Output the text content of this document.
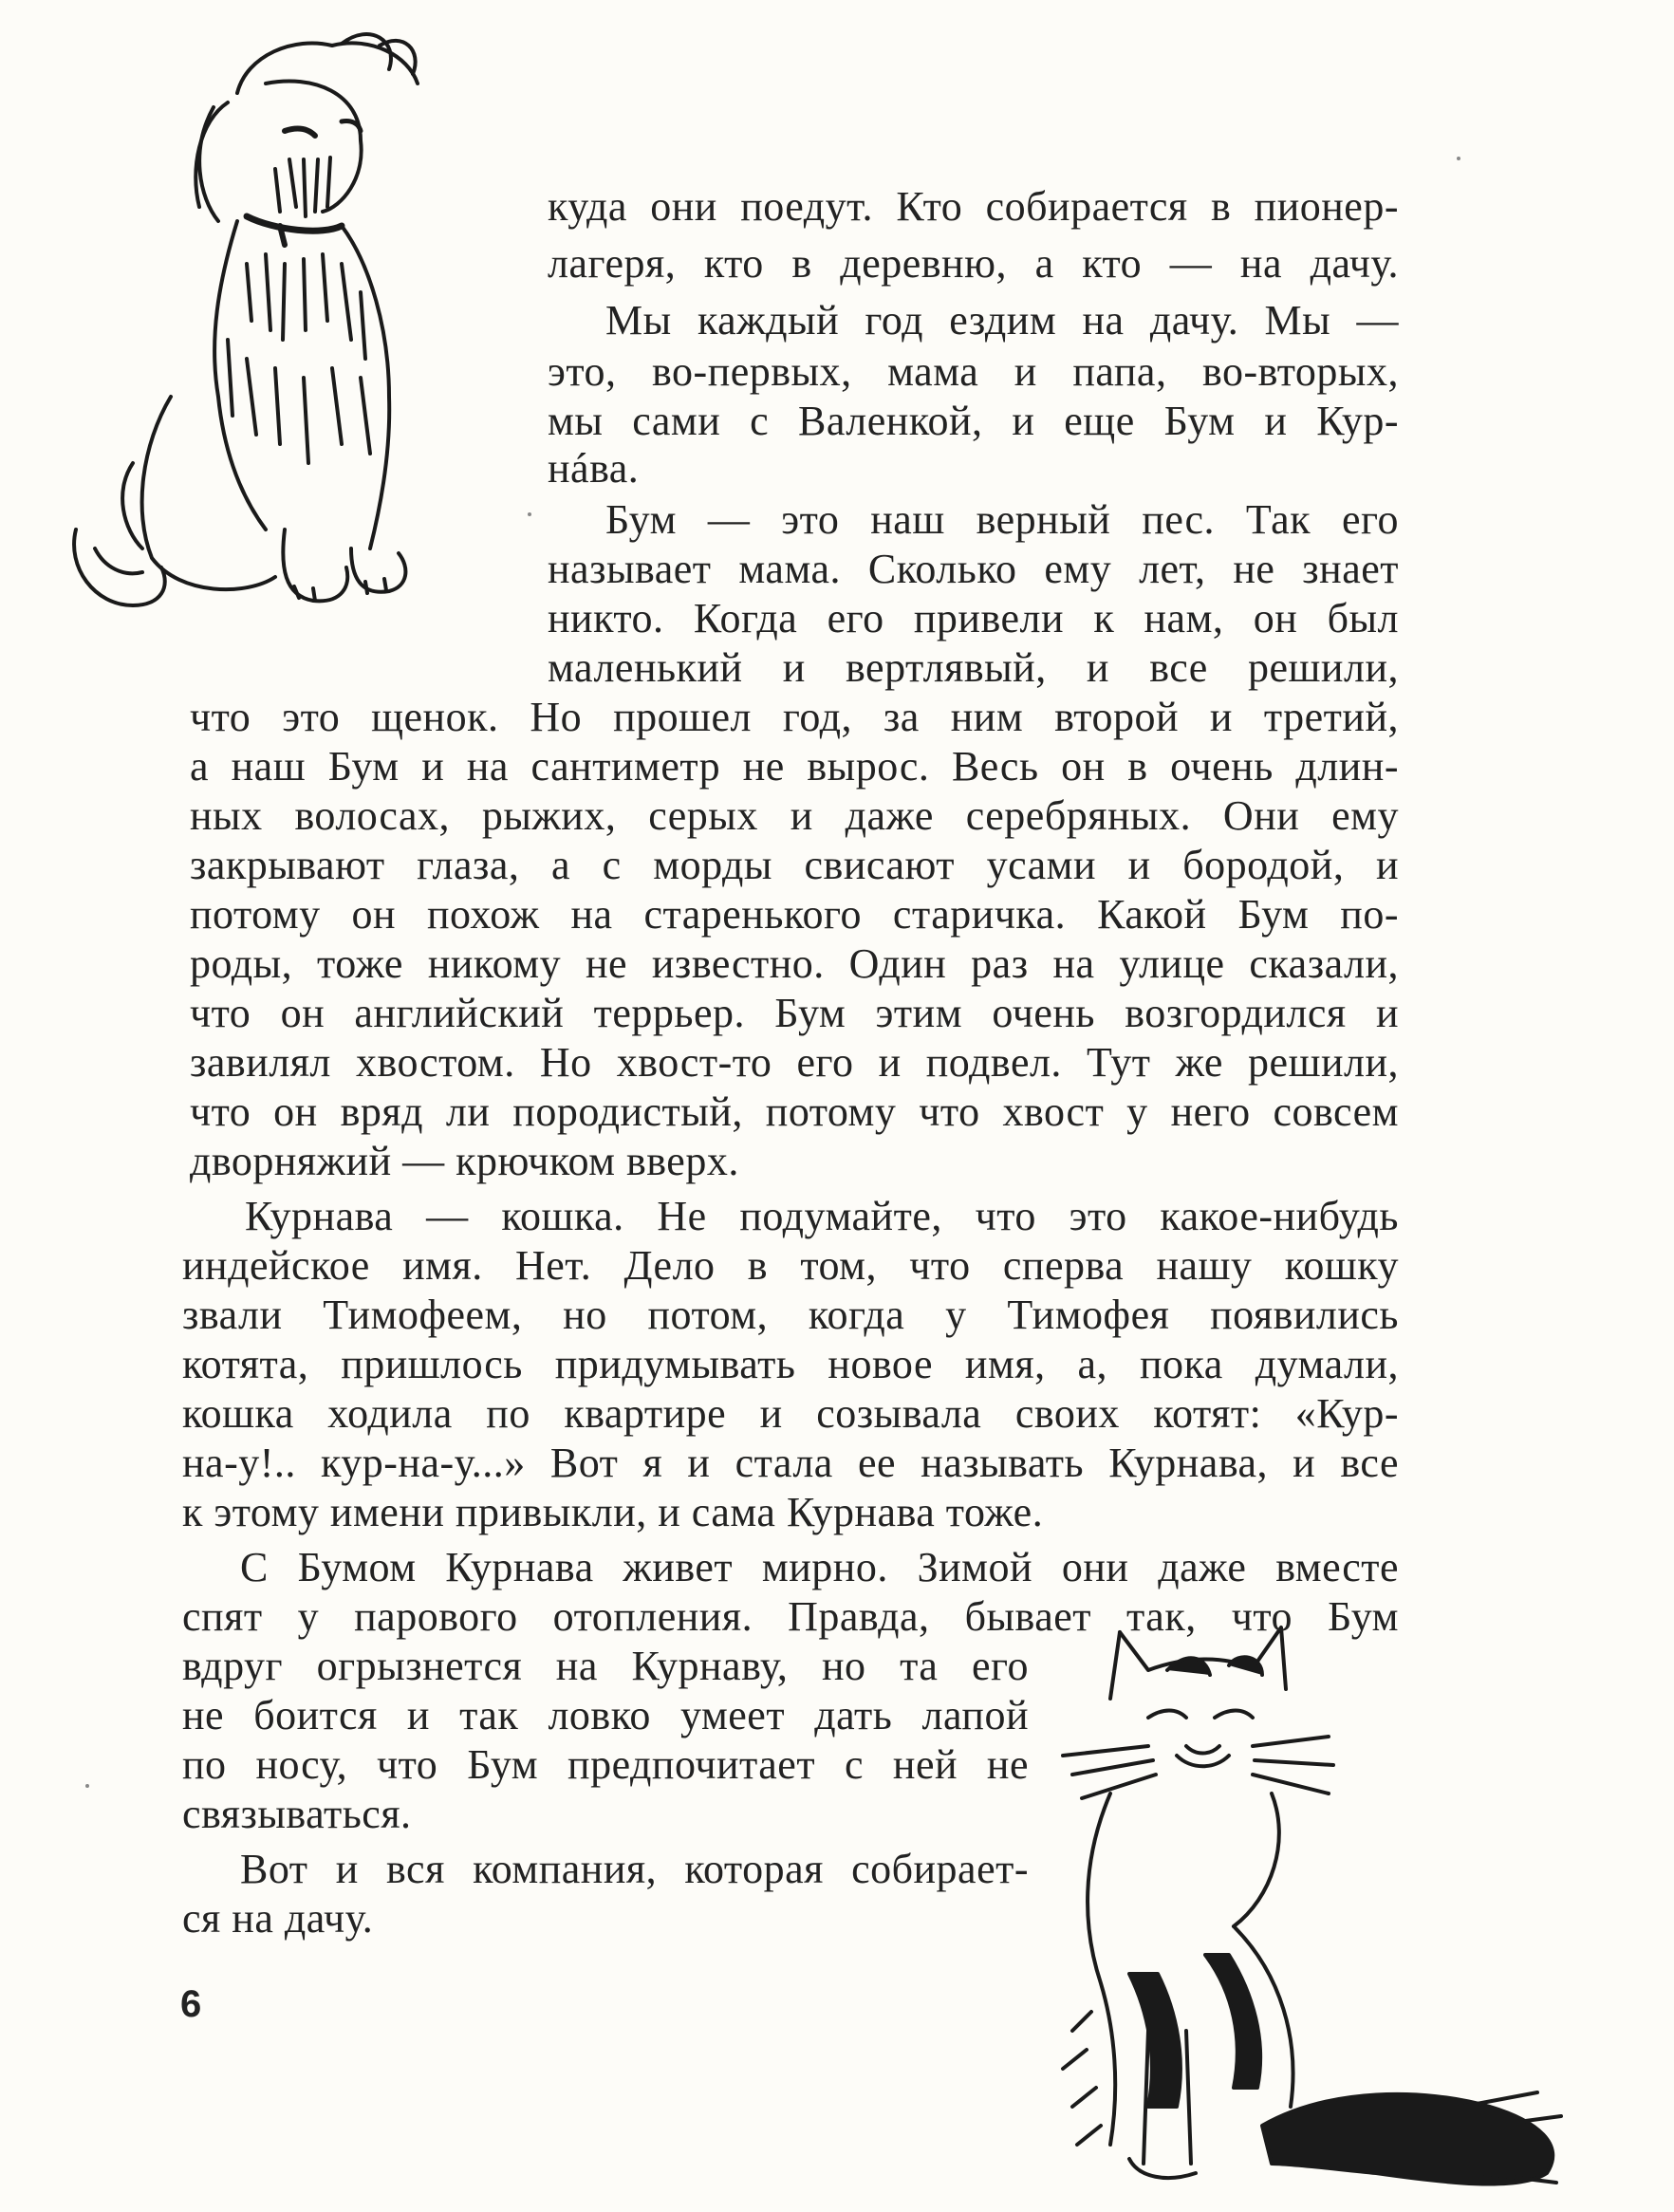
куда они поедут. Кто собирается в пионер-
лагеря, кто в деревню, а кто — на дачу.
Мы каждый год ездим на дачу. Мы —
это, во-первых, мама и папа, во-вторых,
мы сами с Валенкой, и еще Бум и Кур-
нáва.
Бум — это наш верный пес. Так его
называет мама. Сколько ему лет, не знает
никто. Когда его привели к нам, он был
маленький и вертлявый, и все решили,
что это щенок. Но прошел год, за ним второй и третий,
а наш Бум и на сантиметр не вырос. Весь он в очень длин-
ных волосах, рыжих, серых и даже серебряных. Они ему
закрывают глаза, а с морды свисают усами и бородой, и
потому он похож на старенького старичка. Какой Бум по-
роды, тоже никому не известно. Один раз на улице сказали,
что он английский террьер. Бум этим очень возгордился и
завилял хвостом. Но хвост-то его и подвел. Тут же решили,
что он вряд ли породистый, потому что хвост у него совсем
дворняжий — крючком вверх.
Курнава — кошка. Не подумайте, что это какое-нибудь
индейское имя. Нет. Дело в том, что сперва нашу кошку
звали Тимофеем, но потом, когда у Тимофея появились
котята, пришлось придумывать новое имя, а, пока думали,
кошка ходила по квартире и созывала своих котят: «Кур-
на-у!.. кур-на-у...» Вот я и стала ее называть Курнава, и все
к этому имени привыкли, и сама Курнава тоже.
С Бумом Курнава живет мирно. Зимой они даже вместе
спят у парового отопления. Правда, бывает так, что Бум
вдруг огрызнется на Курнаву, но та его
не боится и так ловко умеет дать лапой
по носу, что Бум предпочитает с ней не
связываться.
Вот и вся компания, которая собирает-
ся на дачу.
6
